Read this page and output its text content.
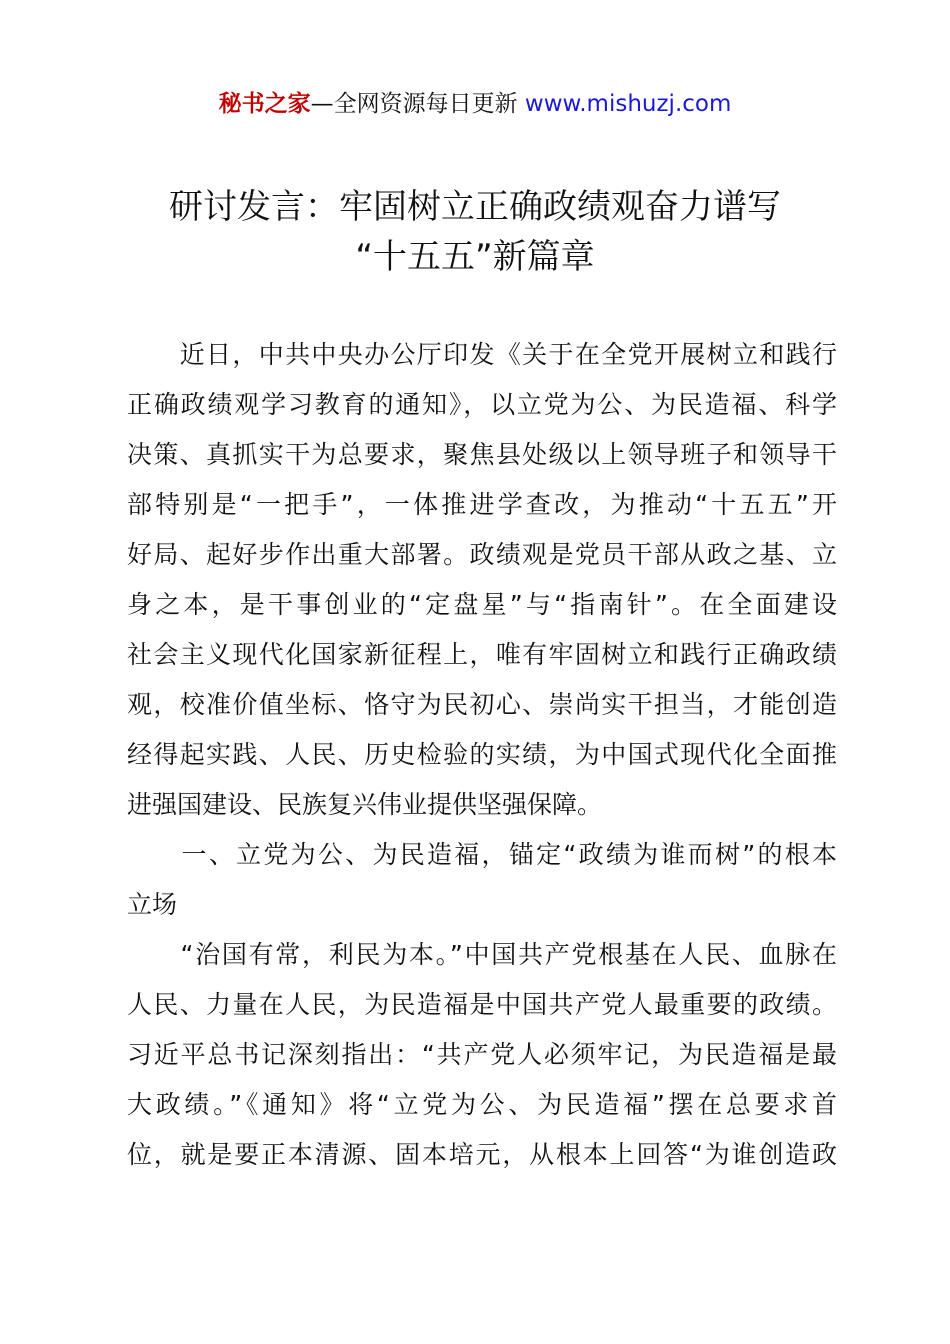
秘书之家—全网资源每日更新 www.mishuzj.com
研讨发言：牢固树立正确政绩观奋力谱写
“十五五”新篇章
　　近日，中共中央办公厅印发《关于在全党开展树立和践行
正确政绩观学习教育的通知》，以立党为公、为民造福、科学
决策、真抓实干为总要求，聚焦县处级以上领导班子和领导干
部特别是“一把手”，一体推进学查改，为推动“十五五”开
好局、起好步作出重大部署。政绩观是党员干部从政之基、立
身之本，是干事创业的“定盘星”与“指南针”。在全面建设
社会主义现代化国家新征程上，唯有牢固树立和践行正确政绩
观，校准价值坐标、恪守为民初心、崇尚实干担当，才能创造
经得起实践、人民、历史检验的实绩，为中国式现代化全面推
进强国建设、民族复兴伟业提供坚强保障。
　　一、立党为公、为民造福，锚定“政绩为谁而树”的根本
立场
　　“治国有常，利民为本。”中国共产党根基在人民、血脉在
人民、力量在人民，为民造福是中国共产党人最重要的政绩。
习近平总书记深刻指出：“共产党人必须牢记，为民造福是最
大政绩。”《通知》将“立党为公、为民造福”摆在总要求首
位，就是要正本清源、固本培元，从根本上回答“为谁创造政
